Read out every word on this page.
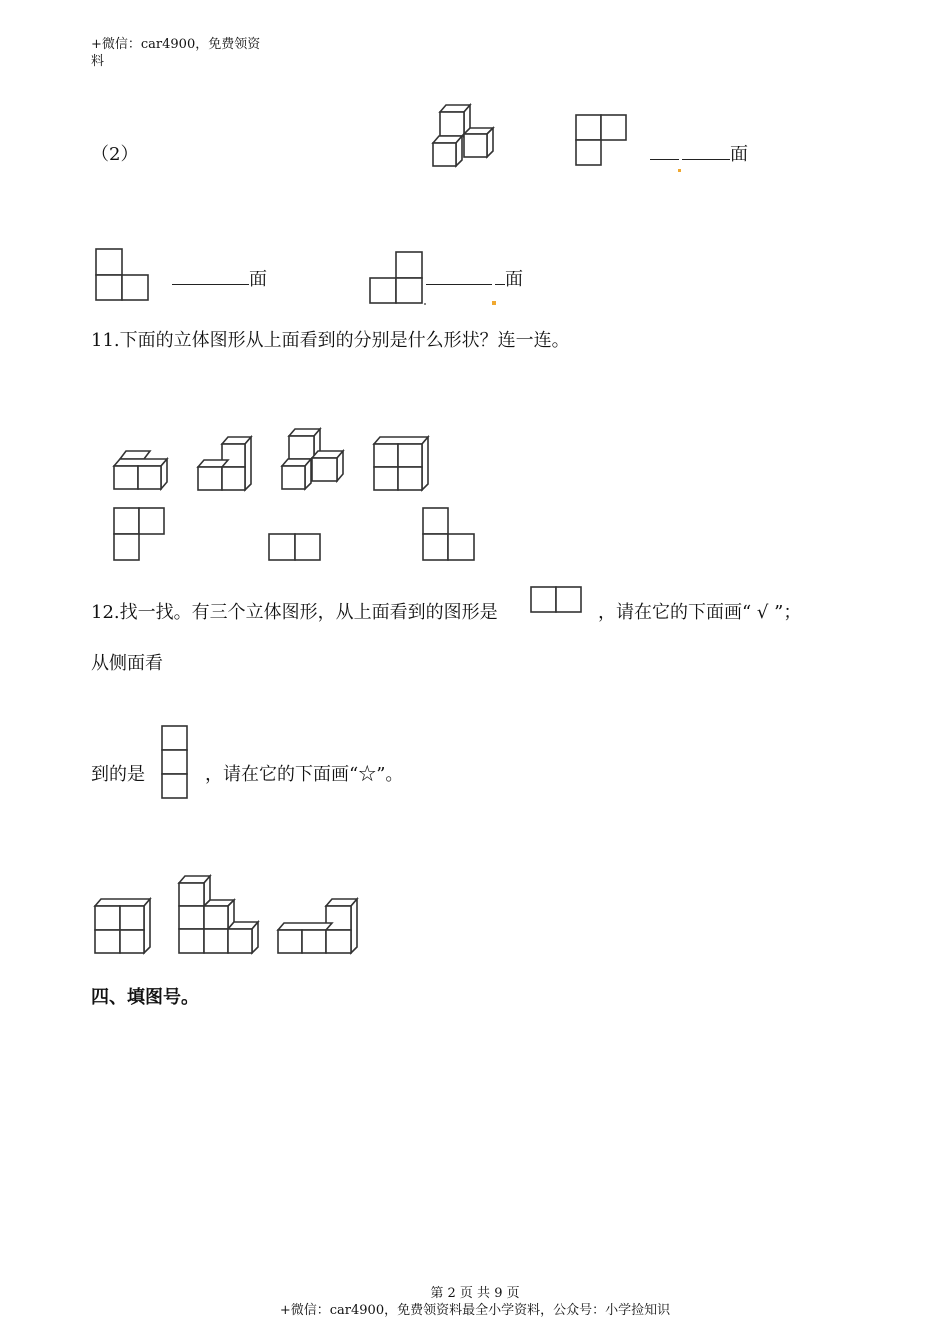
+微信：car4900，免费领资
料
（2）	面
面	面
11.下面的立体图形从上面看到的分别是什么形状？连一连。
12.找一找。有三个立体图形，从上面看到的图形是	，请在它的下面画“ √ ”；
从侧面看
到的是	，请在它的下面画“☆”。
四、填图号。
第 2 页 共 9 页
+微信：car4900，免费领资料最全小学资料，公众号：小学捡知识
